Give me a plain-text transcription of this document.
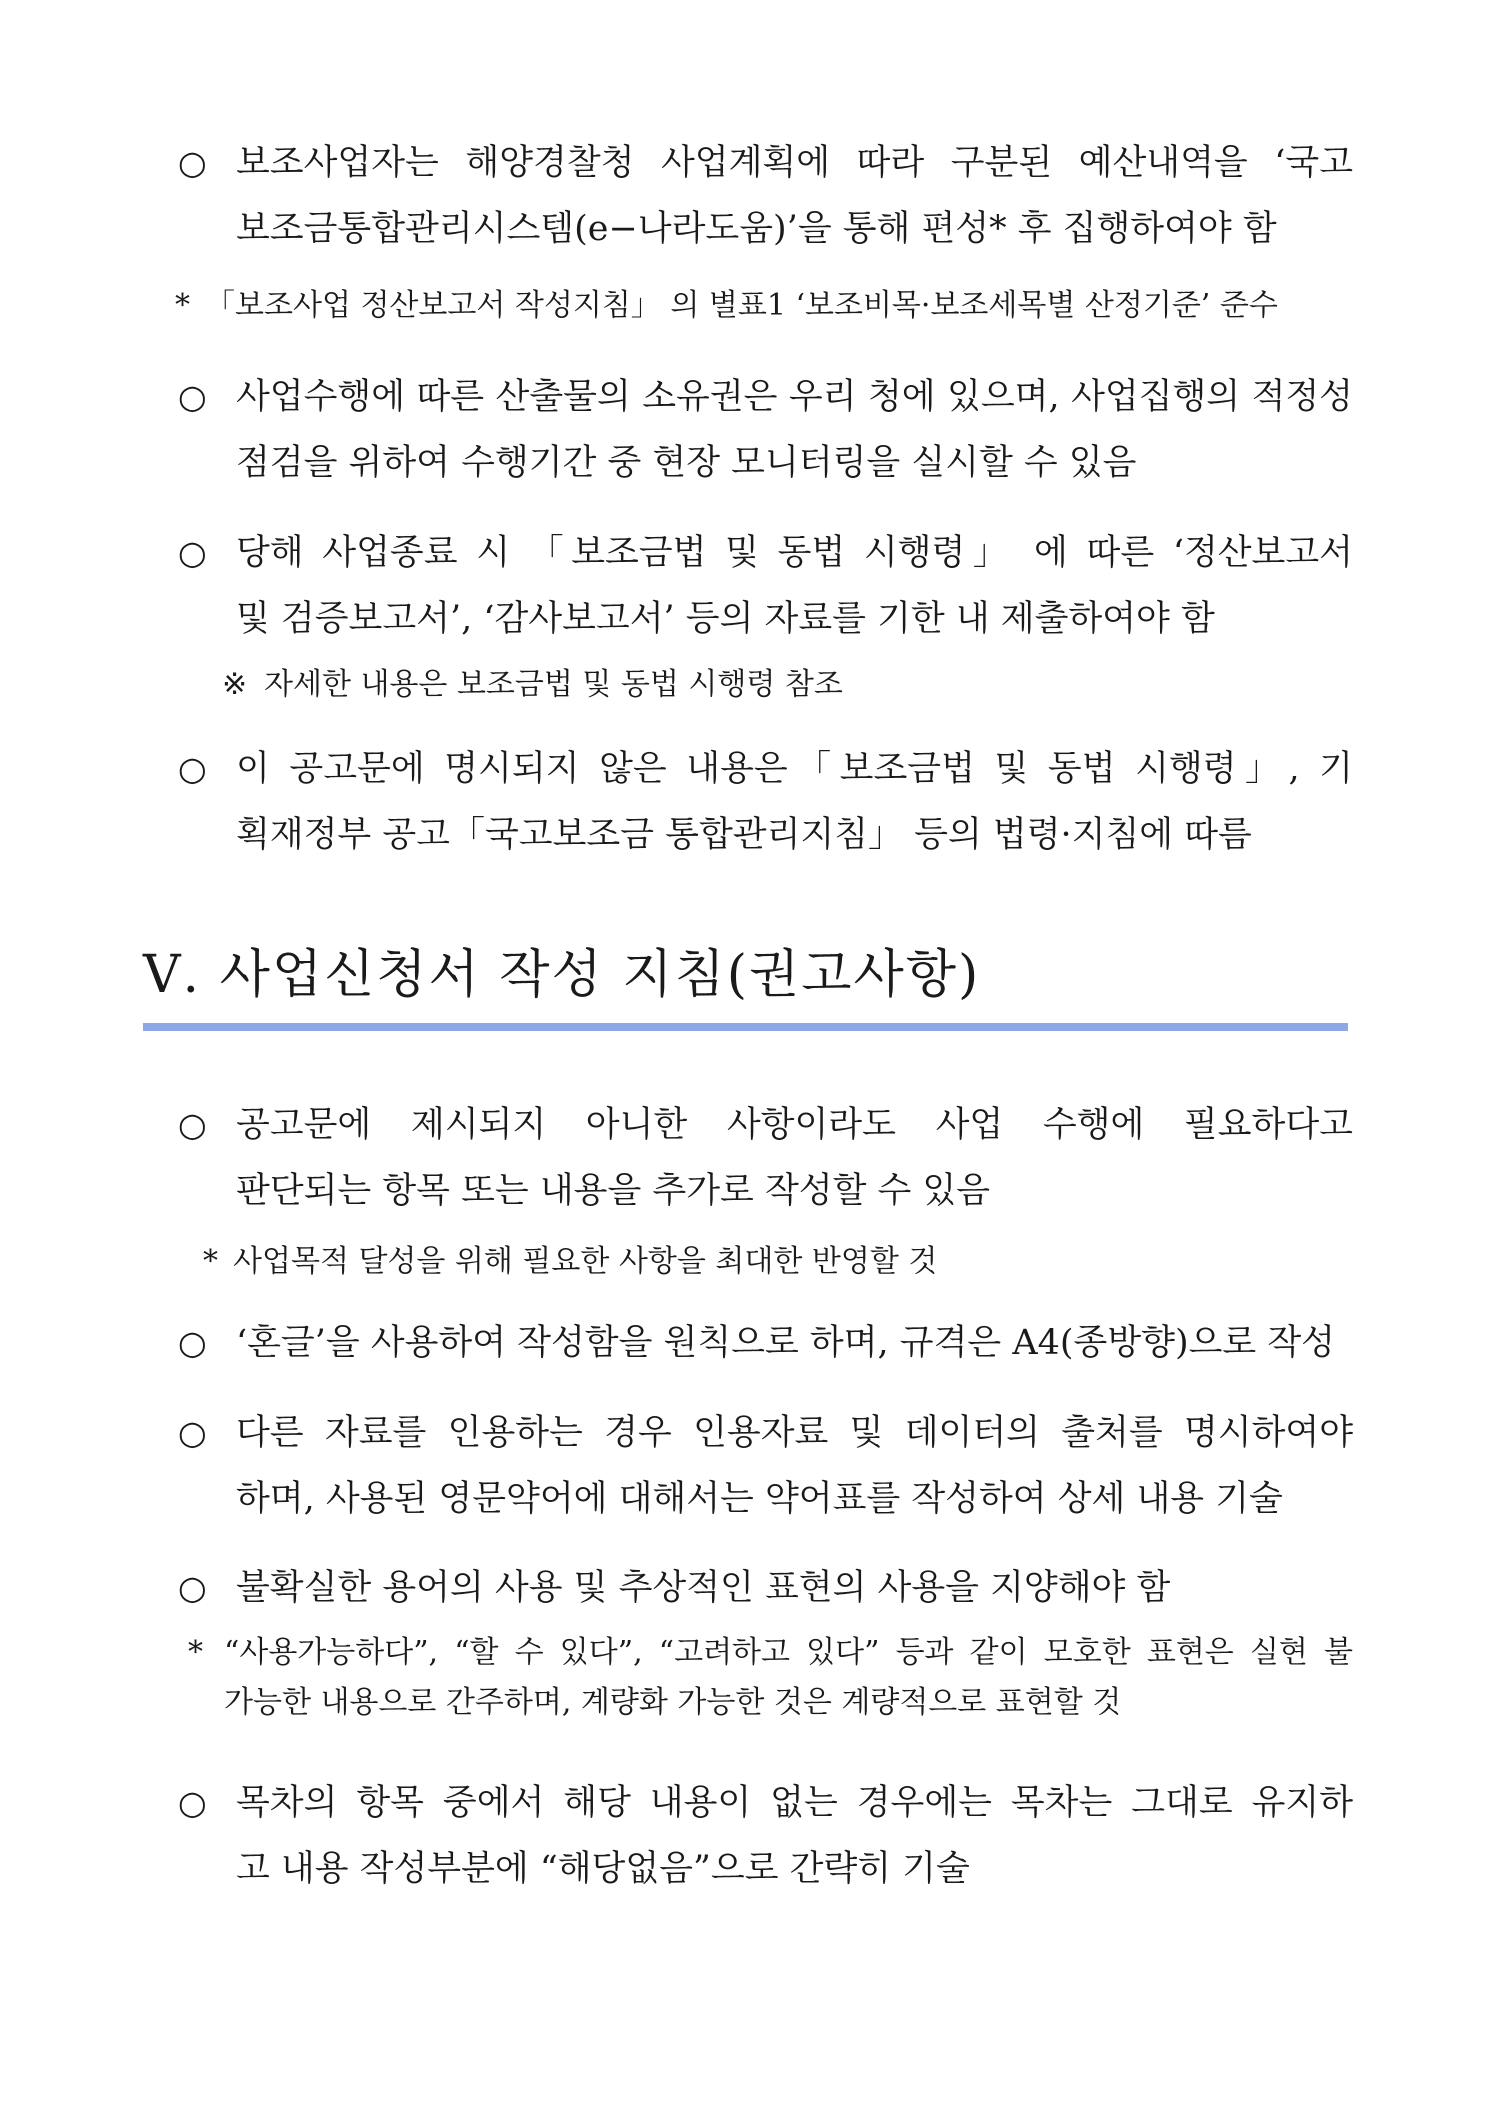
○ 보조사업자는 해양경찰청 사업계획에 따라 구분된 예산내역을 ‘국고
보조금통합관리시스템(e−나라도움)’을 통해 편성* 후 집행하여야 함
* 「보조사업 정산보고서 작성지침」 의 별표1 ‘보조비목·보조세목별 산정기준’ 준수
○ 사업수행에 따른 산출물의 소유권은 우리 청에 있으며, 사업집행의 적정성
점검을 위하여 수행기간 중 현장 모니터링을 실시할 수 있음
○ 당해 사업종료 시 「보조금법 및 동법 시행령」 에 따른 ‘정산보고서
및 검증보고서’, ‘감사보고서’ 등의 자료를 기한 내 제출하여야 함
※ 자세한 내용은 보조금법 및 동법 시행령 참조
○ 이 공고문에 명시되지 않은 내용은「보조금법 및 동법 시행령」, 기
획재정부 공고「국고보조금 통합관리지침」 등의 법령·지침에 따름
Ⅴ. 사업신청서 작성 지침(권고사항)
○ 공고문에 제시되지 아니한 사항이라도 사업 수행에 필요하다고
판단되는 항목 또는 내용을 추가로 작성할 수 있음
* 사업목적 달성을 위해 필요한 사항을 최대한 반영할 것
○ ‘혼글’을 사용하여 작성함을 원칙으로 하며, 규격은 A4(종방향)으로 작성
○ 다른 자료를 인용하는 경우 인용자료 및 데이터의 출처를 명시하여야
하며, 사용된 영문약어에 대해서는 약어표를 작성하여 상세 내용 기술
○ 불확실한 용어의 사용 및 추상적인 표현의 사용을 지양해야 함
* “사용가능하다”, “할 수 있다”, “고려하고 있다” 등과 같이 모호한 표현은 실현 불
가능한 내용으로 간주하며, 계량화 가능한 것은 계량적으로 표현할 것
○ 목차의 항목 중에서 해당 내용이 없는 경우에는 목차는 그대로 유지하
고 내용 작성부분에 “해당없음”으로 간략히 기술
